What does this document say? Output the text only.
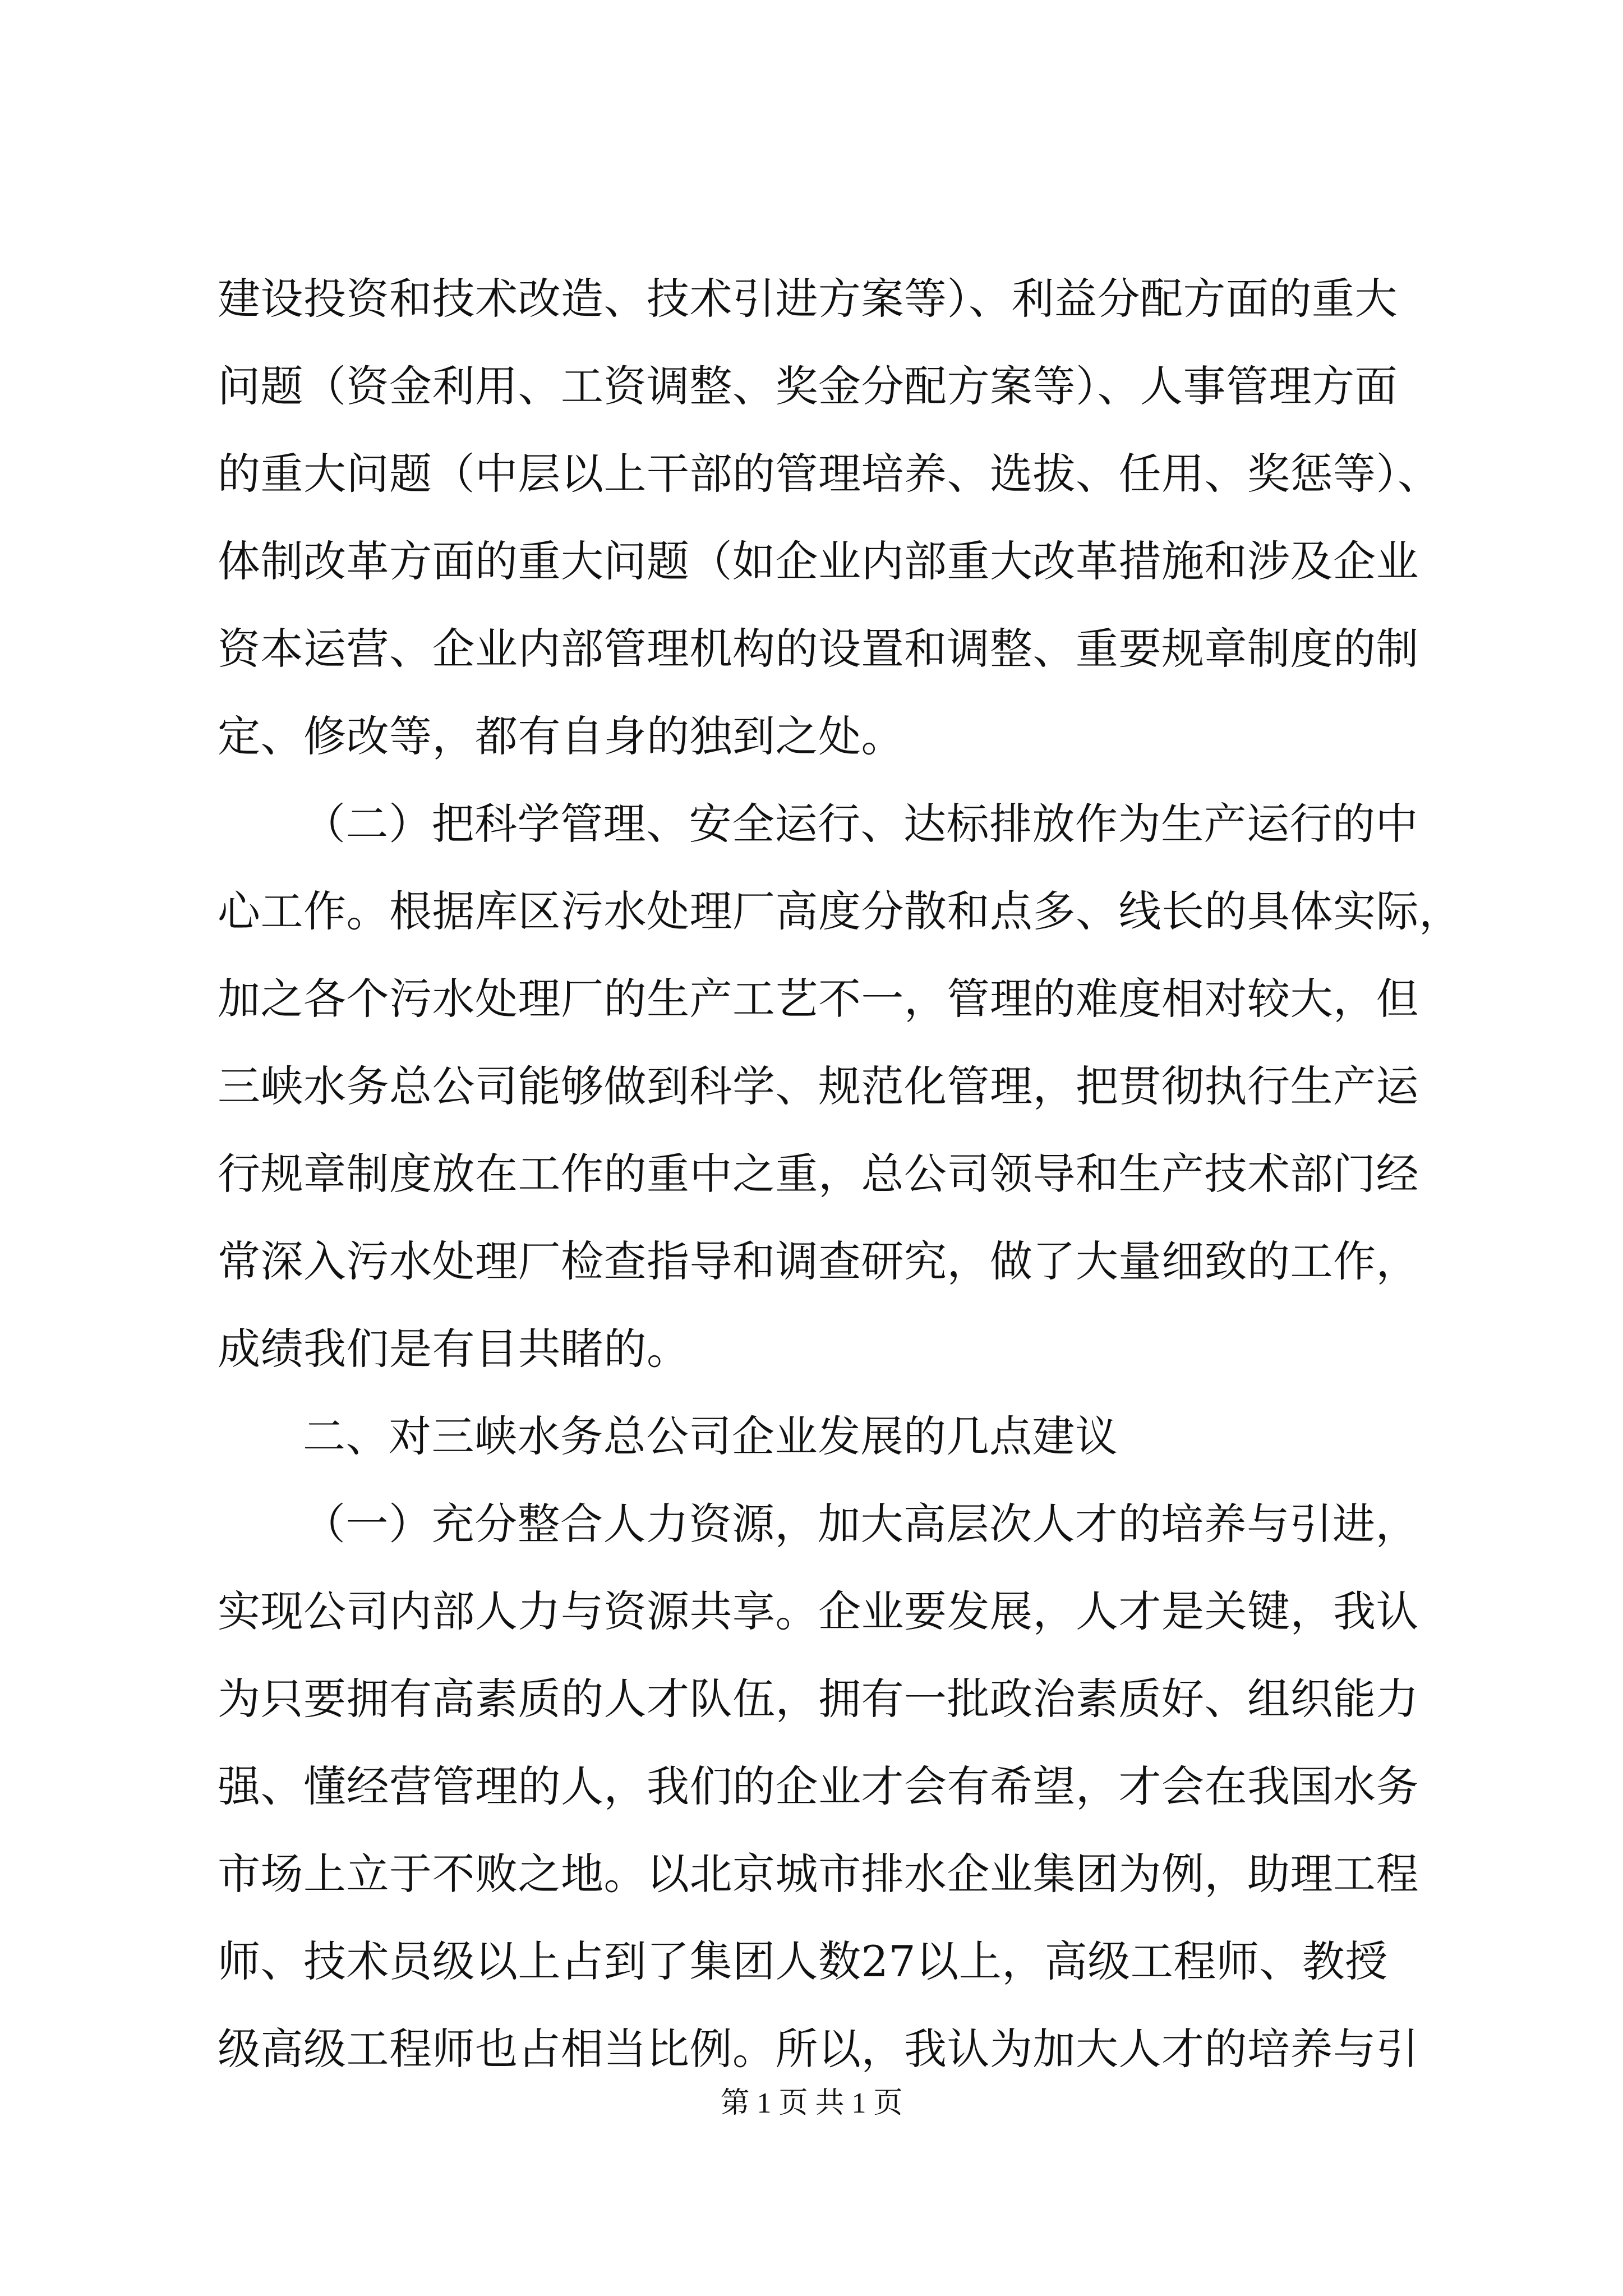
建设投资和技术改造、技术引进方案等）、利益分配方面的重大
问题（资金利用、工资调整、奖金分配方案等）、人事管理方面
的重大问题（中层以上干部的管理培养、选拔、任用、奖惩等）、
体制改革方面的重大问题（如企业内部重大改革措施和涉及企业
资本运营、企业内部管理机构的设置和调整、重要规章制度的制
定、修改等，都有自身的独到之处。
（二）把科学管理、安全运行、达标排放作为生产运行的中
心工作。根据库区污水处理厂高度分散和点多、线长的具体实际，
加之各个污水处理厂的生产工艺不一，管理的难度相对较大，但
三峡水务总公司能够做到科学、规范化管理，把贯彻执行生产运
行规章制度放在工作的重中之重，总公司领导和生产技术部门经
常深入污水处理厂检查指导和调查研究，做了大量细致的工作，
成绩我们是有目共睹的。
二、对三峡水务总公司企业发展的几点建议
（一）充分整合人力资源，加大高层次人才的培养与引进，
实现公司内部人力与资源共享。企业要发展，人才是关键，我认
为只要拥有高素质的人才队伍，拥有一批政治素质好、组织能力
强、懂经营管理的人，我们的企业才会有希望，才会在我国水务
市场上立于不败之地。以北京城市排水企业集团为例，助理工程
师、技术员级以上占到了集团人数27以上，高级工程师、教授
级高级工程师也占相当比例。所以，我认为加大人才的培养与引
第 1 页 共 1 页
